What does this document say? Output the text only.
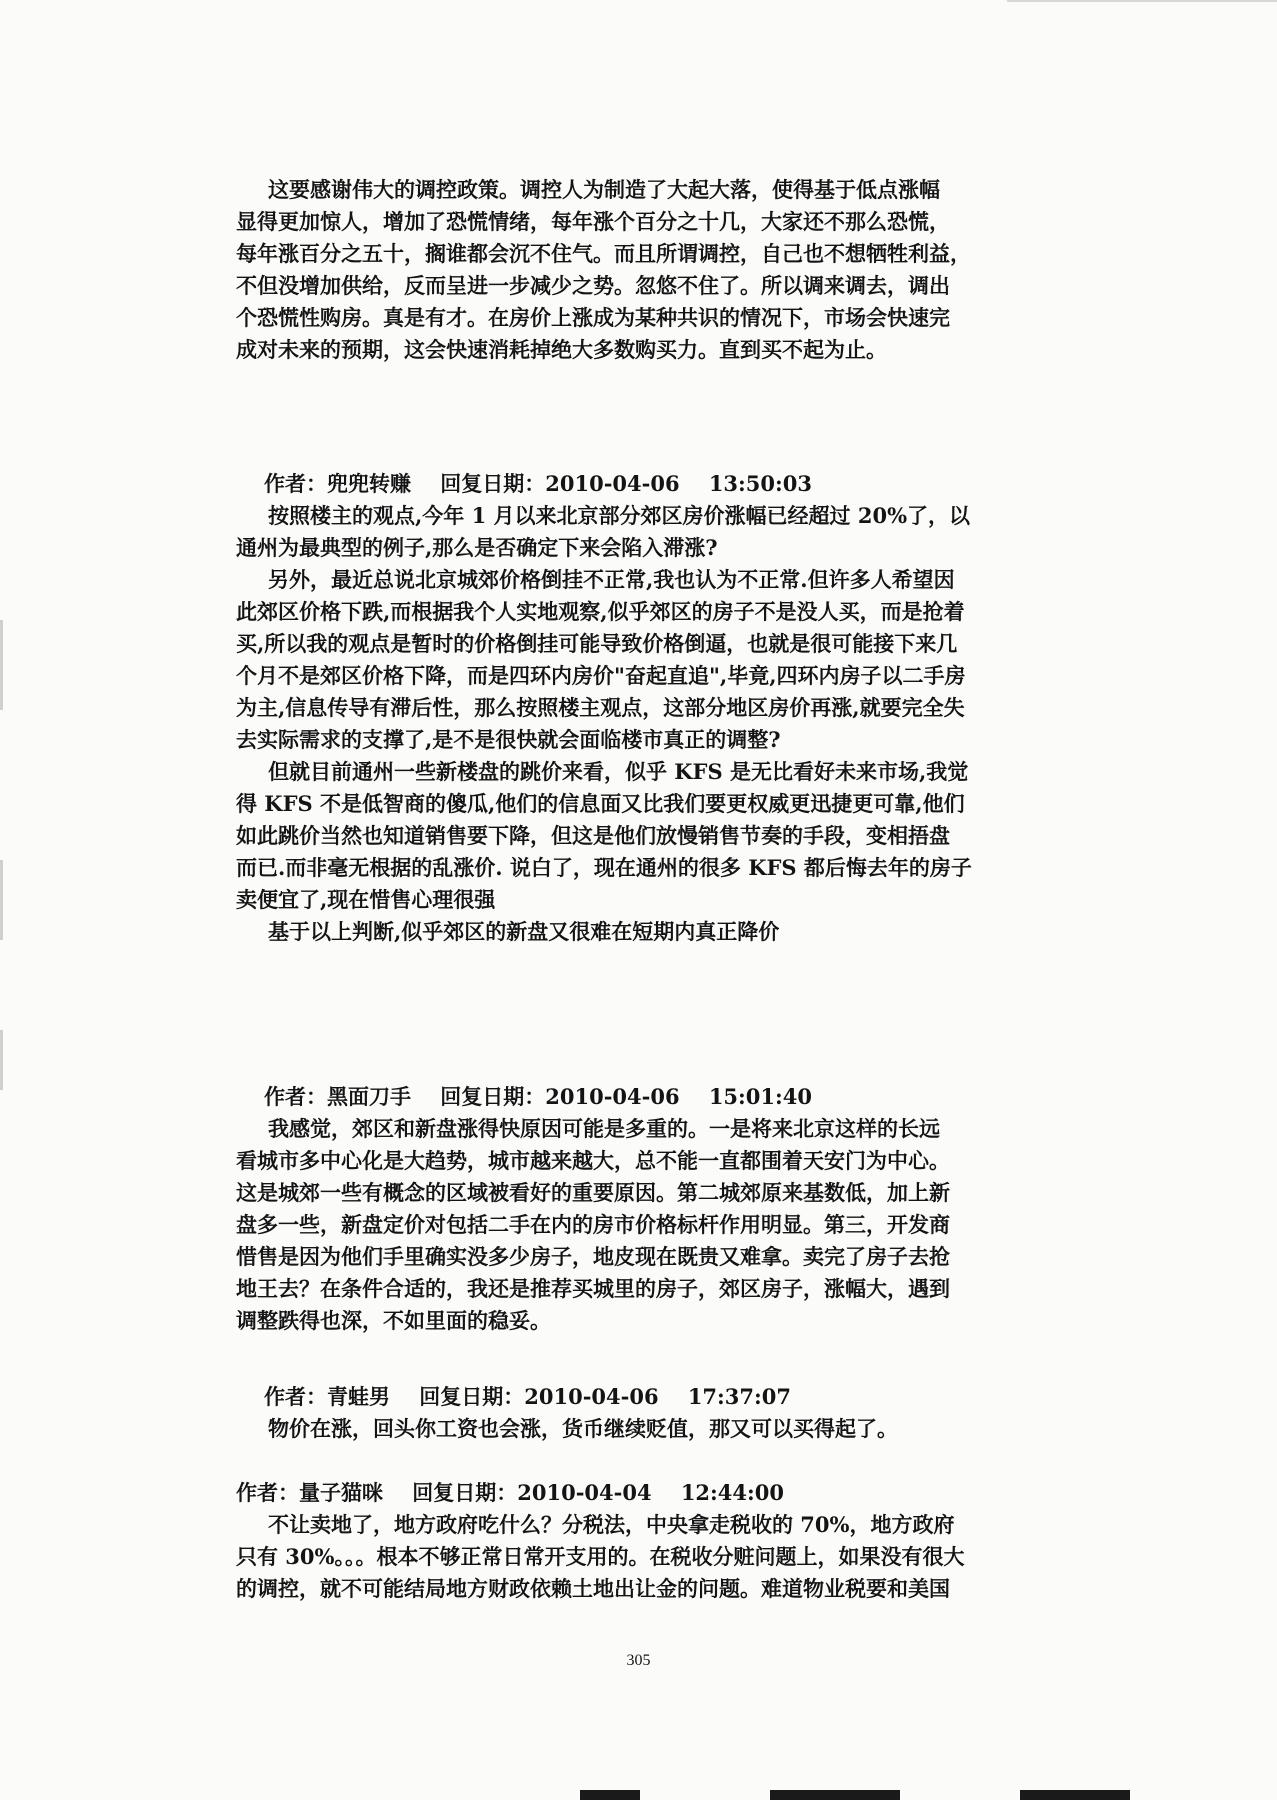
这要感谢伟大的调控政策。调控人为制造了大起大落，使得基于低点涨幅
显得更加惊人，增加了恐慌情绪，每年涨个百分之十几，大家还不那么恐慌，
每年涨百分之五十，搁谁都会沉不住气。而且所谓调控，自己也不想牺牲利益，
不但没增加供给，反而呈进一步减少之势。忽悠不住了。所以调来调去，调出
个恐慌性购房。真是有才。在房价上涨成为某种共识的情况下，市场会快速完
成对未来的预期，这会快速消耗掉绝大多数购买力。直到买不起为止。
作者：兜兜转赚    回复日期：2010-04-06    13:50:03
按照楼主的观点,今年 1 月以来北京部分郊区房价涨幅已经超过 20%了，以
通州为最典型的例子,那么是否确定下来会陷入滞涨?
另外，最近总说北京城郊价格倒挂不正常,我也认为不正常.但许多人希望因
此郊区价格下跌,而根据我个人实地观察,似乎郊区的房子不是没人买，而是抢着
买,所以我的观点是暂时的价格倒挂可能导致价格倒逼，也就是很可能接下来几
个月不是郊区价格下降，而是四环内房价"奋起直追",毕竟,四环内房子以二手房
为主,信息传导有滞后性，那么按照楼主观点，这部分地区房价再涨,就要完全失
去实际需求的支撑了,是不是很快就会面临楼市真正的调整?
但就目前通州一些新楼盘的跳价来看，似乎 KFS 是无比看好未来市场,我觉
得 KFS 不是低智商的傻瓜,他们的信息面又比我们要更权威更迅捷更可靠,他们
如此跳价当然也知道销售要下降，但这是他们放慢销售节奏的手段，变相捂盘
而已.而非毫无根据的乱涨价. 说白了，现在通州的很多 KFS 都后悔去年的房子
卖便宜了,现在惜售心理很强
基于以上判断,似乎郊区的新盘又很难在短期内真正降价
作者：黑面刀手    回复日期：2010-04-06    15:01:40
我感觉，郊区和新盘涨得快原因可能是多重的。一是将来北京这样的长远
看城市多中心化是大趋势，城市越来越大，总不能一直都围着天安门为中心。
这是城郊一些有概念的区域被看好的重要原因。第二城郊原来基数低，加上新
盘多一些，新盘定价对包括二手在内的房市价格标杆作用明显。第三，开发商
惜售是因为他们手里确实没多少房子，地皮现在既贵又难拿。卖完了房子去抢
地王去？在条件合适的，我还是推荐买城里的房子，郊区房子，涨幅大，遇到
调整跌得也深，不如里面的稳妥。
作者：青蛙男    回复日期：2010-04-06    17:37:07
物价在涨，回头你工资也会涨，货币继续贬值，那又可以买得起了。
作者：量子猫咪    回复日期：2010-04-04    12:44:00
不让卖地了，地方政府吃什么？分税法，中央拿走税收的 70%，地方政府
只有 30%。。。根本不够正常日常开支用的。在税收分赃问题上，如果没有很大
的调控，就不可能结局地方财政依赖土地出让金的问题。难道物业税要和美国
305
